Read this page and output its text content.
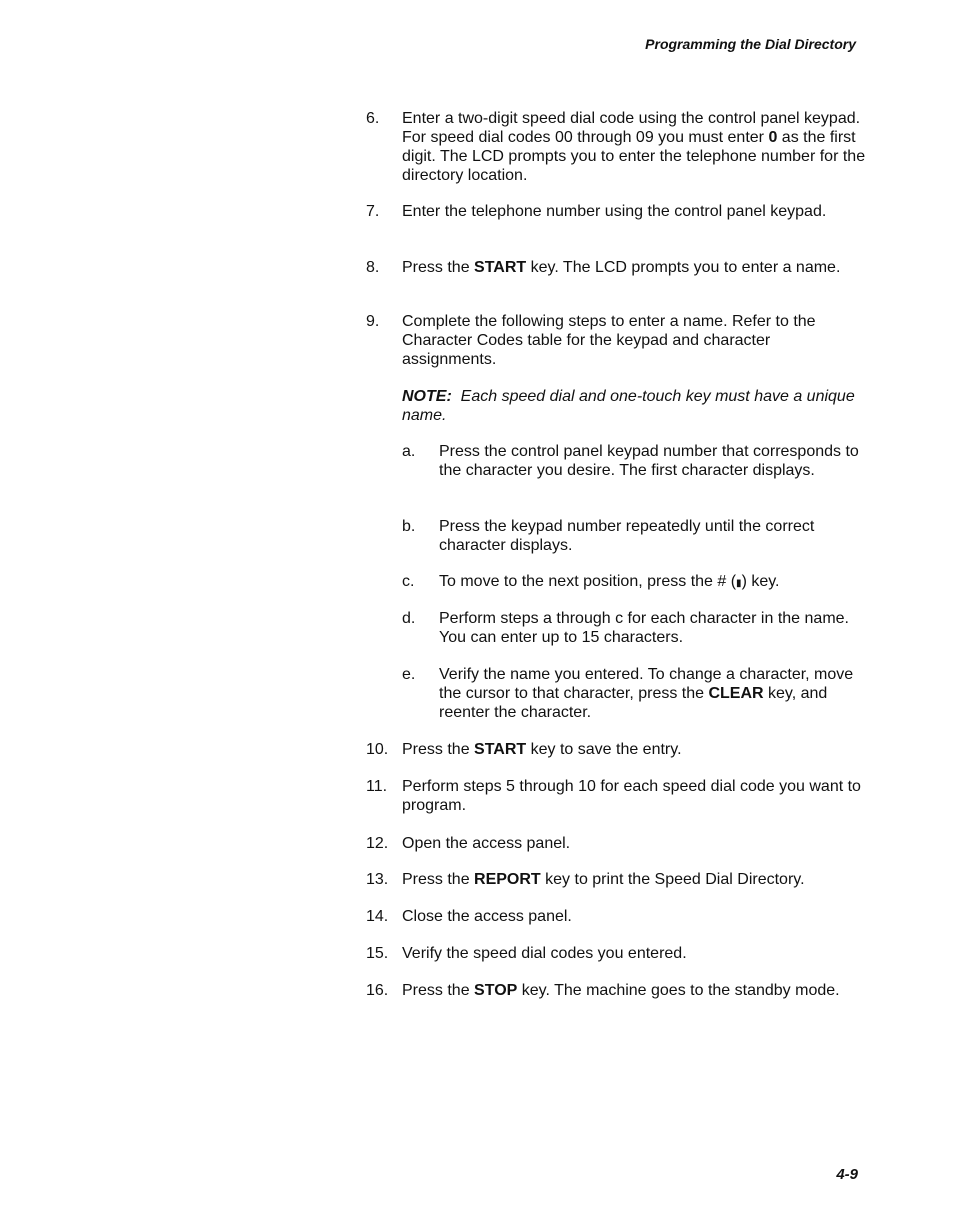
Programming the Dial Directory
6. Enter a two-digit speed dial code using the control panel keypad. For speed dial codes 00 through 09 you must enter 0 as the first digit. The LCD prompts you to enter the telephone number for the directory location.
7. Enter the telephone number using the control panel keypad.
8. Press the START key. The LCD prompts you to enter a name.
9. Complete the following steps to enter a name. Refer to the Character Codes table for the keypad and character assignments.
NOTE: Each speed dial and one-touch key must have a unique name.
a. Press the control panel keypad number that corresponds to the character you desire. The first character displays.
b. Press the keypad number repeatedly until the correct character displays.
c. To move to the next position, press the # (▮) key.
d. Perform steps a through c for each character in the name. You can enter up to 15 characters.
e. Verify the name you entered. To change a character, move the cursor to that character, press the CLEAR key, and reenter the character.
10. Press the START key to save the entry.
11. Perform steps 5 through 10 for each speed dial code you want to program.
12. Open the access panel.
13. Press the REPORT key to print the Speed Dial Directory.
14. Close the access panel.
15. Verify the speed dial codes you entered.
16. Press the STOP key. The machine goes to the standby mode.
4-9
